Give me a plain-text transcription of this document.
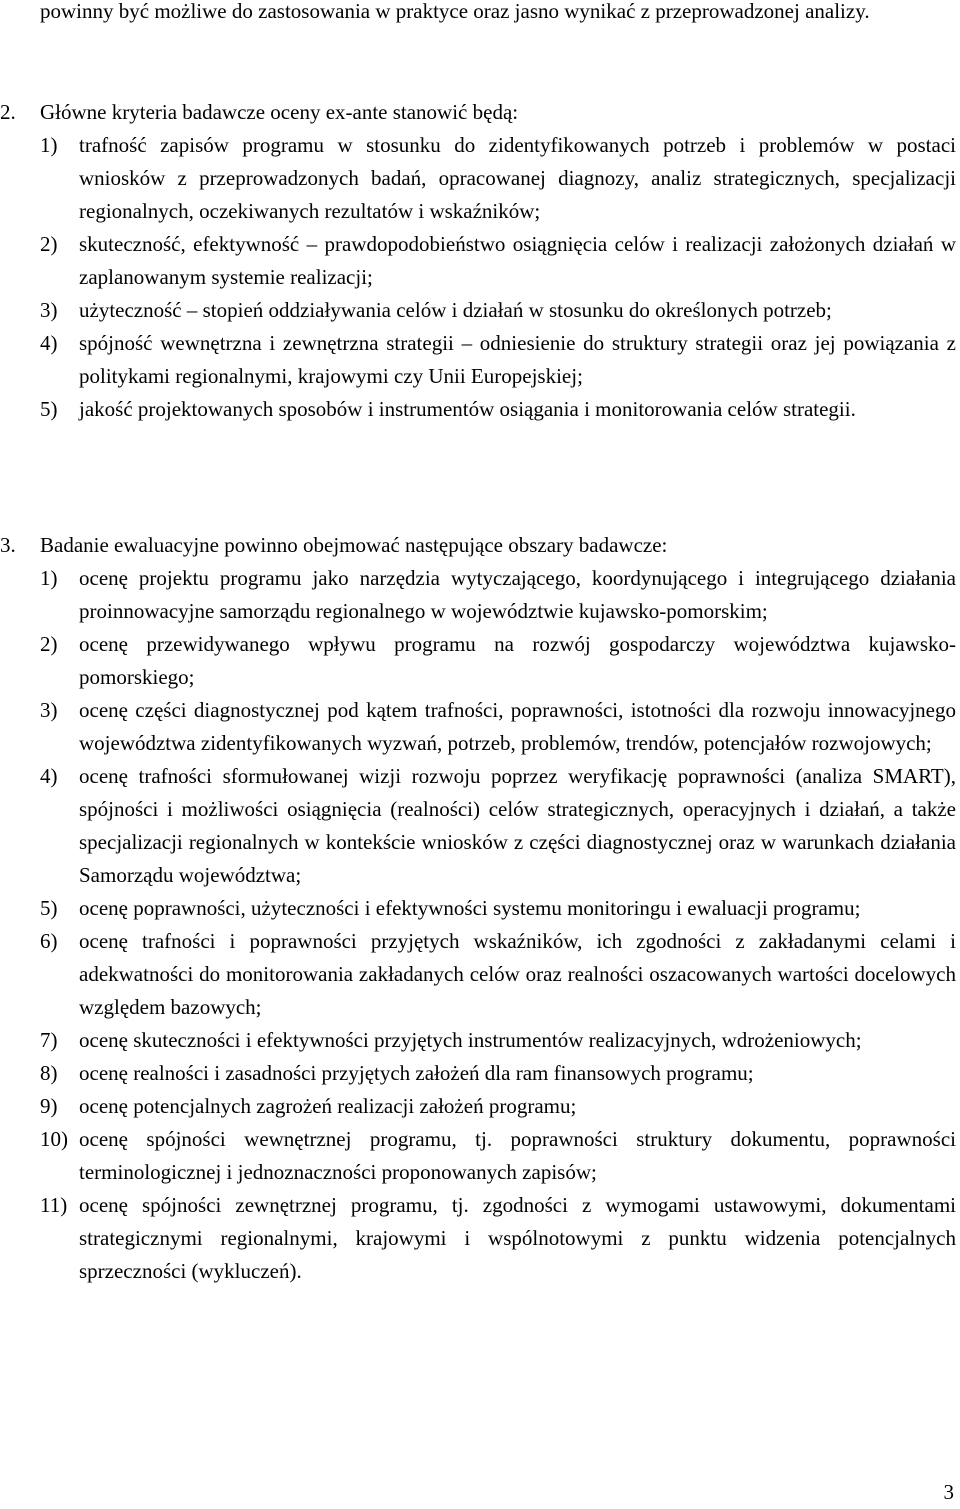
powinny być możliwe do zastosowania w praktyce oraz jasno wynikać z przeprowadzonej analizy.

2. Główne kryteria badawcze oceny ex-ante stanowić będą:
1) trafność zapisów programu w stosunku do zidentyfikowanych potrzeb i problemów w postaci wniosków z przeprowadzonych badań, opracowanej diagnozy, analiz strategicznych, specjalizacji regionalnych, oczekiwanych rezultatów i wskaźników;
2) skuteczność, efektywność – prawdopodobieństwo osiągnięcia celów i realizacji założonych działań w zaplanowanym systemie realizacji;
3) użyteczność – stopień oddziaływania celów i działań w stosunku do określonych potrzeb;
4) spójność wewnętrzna i zewnętrzna strategii – odniesienie do struktury strategii oraz jej powiązania z politykami regionalnymi, krajowymi czy Unii Europejskiej;
5) jakość projektowanych sposobów i instrumentów osiągania i monitorowania celów strategii.
3. Badanie ewaluacyjne powinno obejmować następujące obszary badawcze:
1) ocenę projektu programu jako narzędzia wytyczającego, koordynującego i integrującego działania proinnowacyjne samorządu regionalnego w województwie kujawsko-pomorskim;
2) ocenę przewidywanego wpływu programu na rozwój gospodarczy województwa kujawsko-pomorskiego;
3) ocenę części diagnostycznej pod kątem trafności, poprawności, istotności dla rozwoju innowacyjnego województwa zidentyfikowanych wyzwań, potrzeb, problemów, trendów, potencjałów rozwojowych;
4) ocenę trafności sformułowanej wizji rozwoju poprzez weryfikację poprawności (analiza SMART), spójności i możliwości osiągnięcia (realności) celów strategicznych, operacyjnych i działań, a także specjalizacji regionalnych w kontekście wniosków z części diagnostycznej oraz w warunkach działania Samorządu województwa;
5) ocenę poprawności, użyteczności i efektywności systemu monitoringu i ewaluacji programu;
6) ocenę trafności i poprawności przyjętych wskaźników, ich zgodności z zakładanymi celami i adekwatności do monitorowania zakładanych celów oraz realności oszacowanych wartości docelowych względem bazowych;
7) ocenę skuteczności i efektywności przyjętych instrumentów realizacyjnych, wdrożeniowych;
8) ocenę realności i zasadności przyjętych założeń dla ram finansowych programu;
9) ocenę potencjalnych zagrożeń realizacji założeń programu;
10) ocenę spójności wewnętrznej programu, tj. poprawności struktury dokumentu, poprawności terminologicznej i jednoznaczności proponowanych zapisów;
11) ocenę spójności zewnętrznej programu, tj. zgodności z wymogami ustawowymi, dokumentami strategicznymi regionalnymi, krajowymi i wspólnotowymi z punktu widzenia potencjalnych sprzeczności (wykluczeń).
3
